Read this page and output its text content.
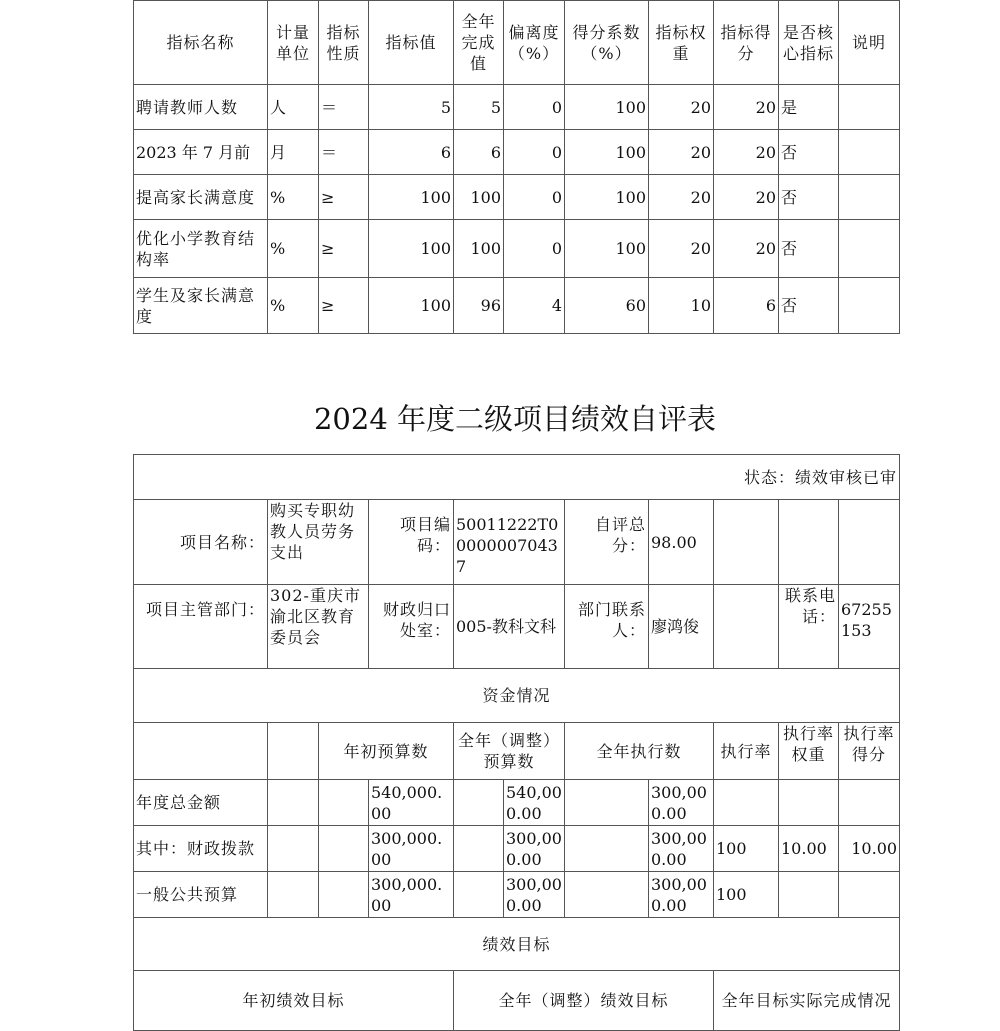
指标名称	计量单位	指标性质	指标值	全年完成值	偏离度（%）	得分系数（%）	指标权重	指标得分	是否核心指标	说明
聘请教师人数	人	＝	5	5	0	100	20	20	是	
2023 年 7 月前	月	＝	6	6	0	100	20	20	否	
提高家长满意度	%	≥	100	100	0	100	20	20	否	
优化小学教育结构率	%	≥	100	100	0	100	20	20	否	
学生及家长满意度	%	≥	100	96	4	60	10	6	否	
2024 年度二级项目绩效自评表
状态：绩效审核已审										
项目名称：	购买专职幼教人员劳务支出		项目编码：	50011222T000000070437		自评总分：	98.00			
项目主管部门：	302-重庆市渝北区教育委员会		财政归口处室：	005-教科文科		部门联系人：	廖鸿俊		联系电话：	67255153
资金情况										
		年初预算数		全年（调整）预算数		全年执行数		执行率	执行率权重	执行率得分
年度总金额			540,000.00		540,000.00		300,000.00			
其中：财政拨款			300,000.00		300,000.00		300,000.00	100	10.00	10.00
一般公共预算			300,000.00		300,000.00		300,000.00	100		
绩效目标										
年初绩效目标				全年（调整）绩效目标				全年目标实际完成情况		
